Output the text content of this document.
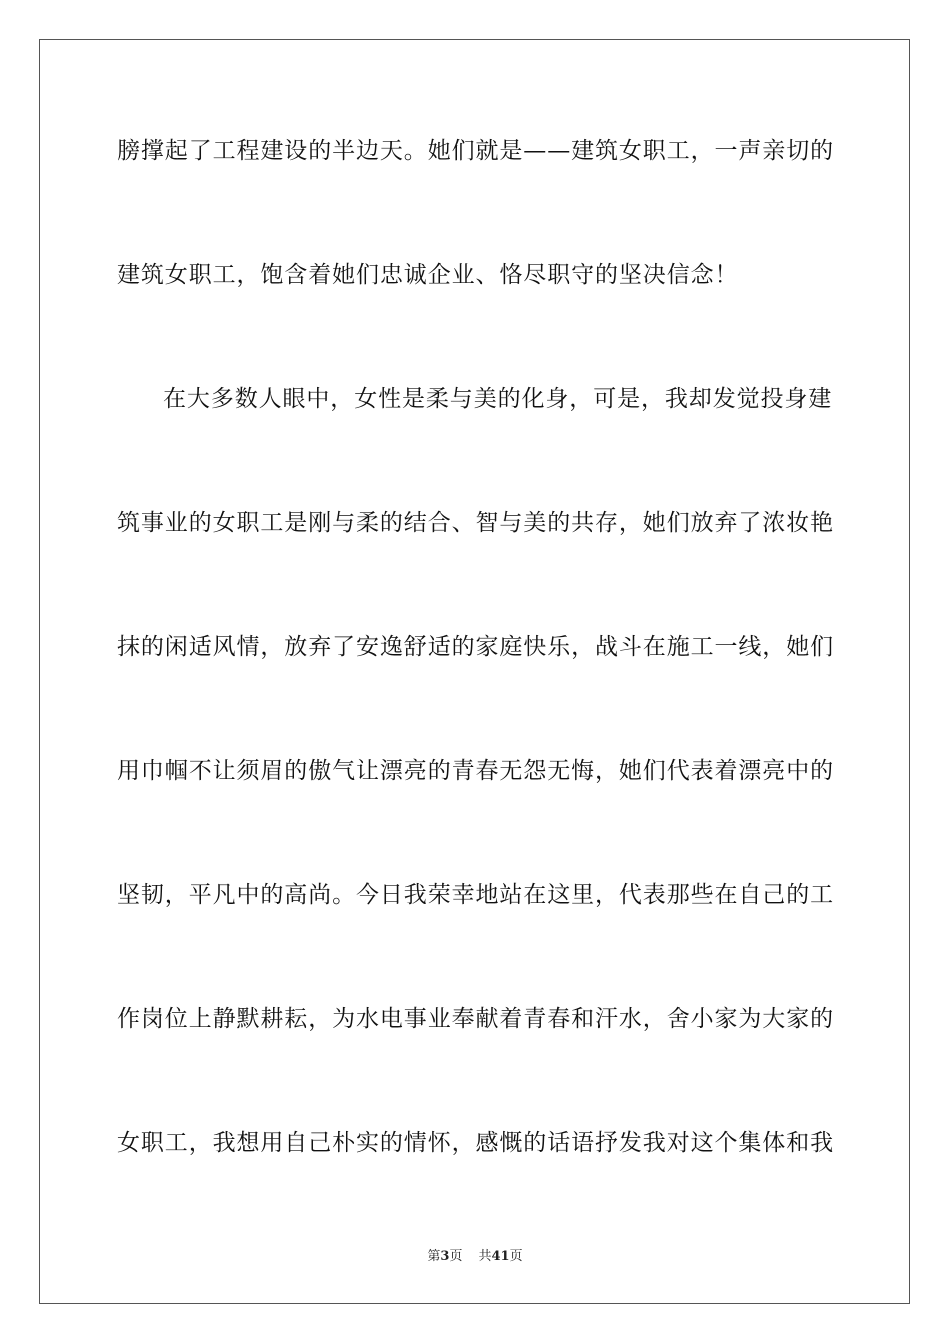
膀撑起了工程建设的半边天。她们就是——建筑女职工，一声亲切的
建筑女职工，饱含着她们忠诚企业、恪尽职守的坚决信念！
在大多数人眼中，女性是柔与美的化身，可是，我却发觉投身建
筑事业的女职工是刚与柔的结合、智与美的共存，她们放弃了浓妆艳
抹的闲适风情，放弃了安逸舒适的家庭快乐，战斗在施工一线，她们
用巾帼不让须眉的傲气让漂亮的青春无怨无悔，她们代表着漂亮中的
坚韧，平凡中的高尚。今日我荣幸地站在这里，代表那些在自己的工
作岗位上静默耕耘，为水电事业奉献着青春和汗水，舍小家为大家的
女职工，我想用自己朴实的情怀，感慨的话语抒发我对这个集体和我
第3页 共41页
